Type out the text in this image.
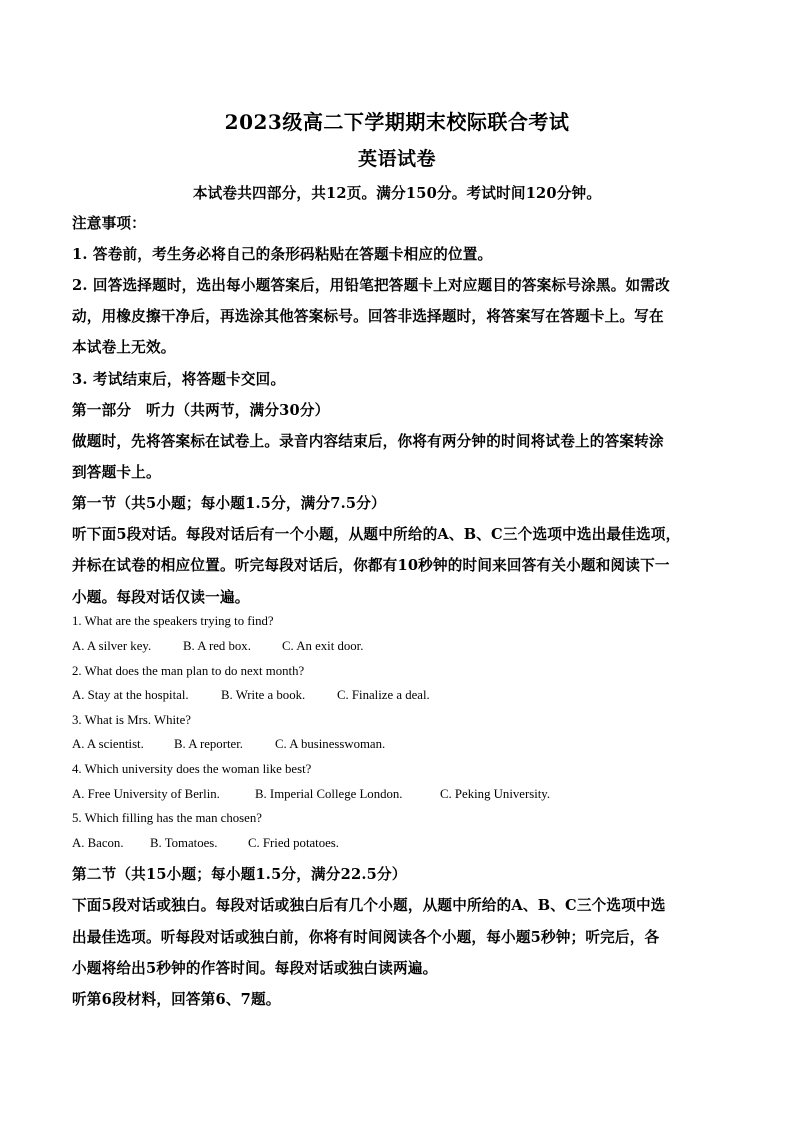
2023级高二下学期期末校际联合考试
英语试卷
本试卷共四部分，共12页。满分150分。考试时间120分钟。
注意事项：
1. 答卷前，考生务必将自己的条形码粘贴在答题卡相应的位置。
2. 回答选择题时，选出每小题答案后，用铅笔把答题卡上对应题目的答案标号涂黑。如需改
动，用橡皮擦干净后，再选涂其他答案标号。回答非选择题时，将答案写在答题卡上。写在
本试卷上无效。
3. 考试结束后，将答题卡交回。
第一部分　听力（共两节，满分30分）
做题时，先将答案标在试卷上。录音内容结束后，你将有两分钟的时间将试卷上的答案转涂
到答题卡上。
第一节（共5小题；每小题1.5分，满分7.5分）
听下面5段对话。每段对话后有一个小题，从题中所给的A、B、C三个选项中选出最佳选项，
并标在试卷的相应位置。听完每段对话后，你都有10秒钟的时间来回答有关小题和阅读下一
小题。每段对话仅读一遍。
1. What are the speakers trying to find?
A. A silver key. B. A red box. C. An exit door.
2. What does the man plan to do next month?
A. Stay at the hospital.	B. Write a book. C. Finalize a deal.
3. What is Mrs. White?
A. A scientist. B. A reporter.	C. A businesswoman.
4. Which university does the woman like best?
A. Free University of Berlin.	B. Imperial College London.	C. Peking University.
5. Which filling has the man chosen?
A. Bacon. B. Tomatoes. C. Fried potatoes.
第二节（共15小题；每小题1.5分，满分22.5分）
下面5段对话或独白。每段对话或独白后有几个小题，从题中所给的A、B、C三个选项中选
出最佳选项。听每段对话或独白前，你将有时间阅读各个小题，每小题5秒钟；听完后，各
小题将给出5秒钟的作答时间。每段对话或独白读两遍。
听第6段材料，回答第6、7题。
